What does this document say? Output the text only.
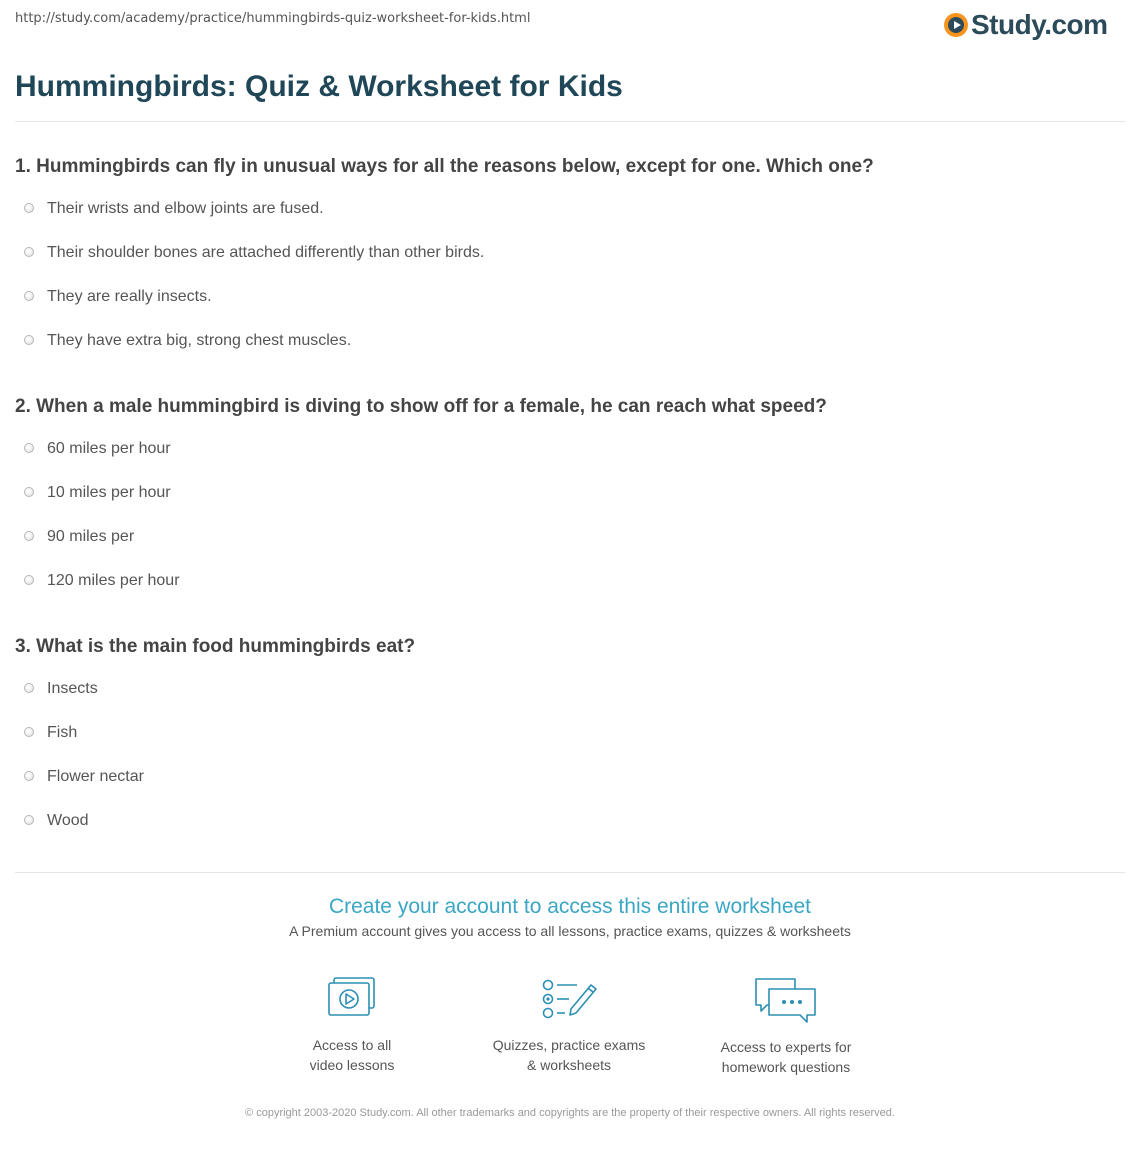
http://study.com/academy/practice/hummingbirds-quiz-worksheet-for-kids.html	Study.com
Hummingbirds: Quiz & Worksheet for Kids

1. Hummingbirds can fly in unusual ways for all the reasons below, except for one. Which one?

Their wrists and elbow joints are fused.
Their shoulder bones are attached differently than other birds.
They are really insects.
They have extra big, strong chest muscles.

2. When a male hummingbird is diving to show off for a female, he can reach what speed?

60 miles per hour
10 miles per hour
90 miles per
120 miles per hour

3. What is the main food hummingbirds eat?

Insects
Fish
Flower nectar
Wood

Create your account to access this entire worksheet

A Premium account gives you access to all lessons, practice exams, quizzes & worksheets

Access to all
video lessons
Quizzes, practice exams
& worksheets
Access to experts for
homework questions
© copyright 2003-2020 Study.com. All other trademarks and copyrights are the property of their respective owners. All rights reserved.
